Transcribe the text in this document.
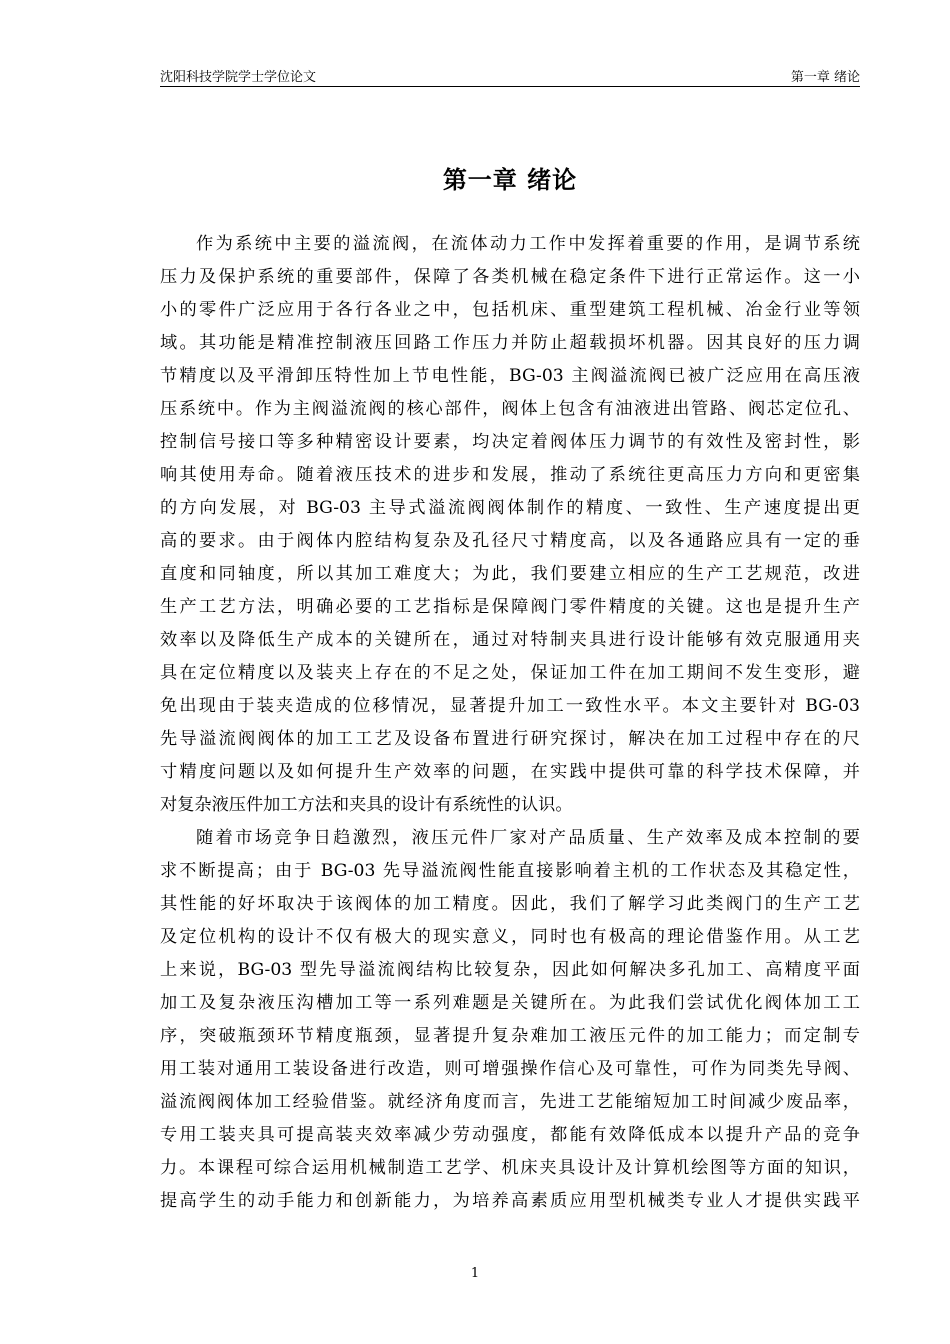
沈阳科技学院学士学位论文	第一章 绪论
第一章 绪论
作为系统中主要的溢流阀，在流体动力工作中发挥着重要的作用，是调节系统
压力及保护系统的重要部件，保障了各类机械在稳定条件下进行正常运作。这一小
小的零件广泛应用于各行各业之中，包括机床、重型建筑工程机械、冶金行业等领
域。其功能是精准控制液压回路工作压力并防止超载损坏机器。因其良好的压力调
节精度以及平滑卸压特性加上节电性能，BG-03 主阀溢流阀已被广泛应用在高压液
压系统中。作为主阀溢流阀的核心部件，阀体上包含有油液进出管路、阀芯定位孔、
控制信号接口等多种精密设计要素，均决定着阀体压力调节的有效性及密封性，影
响其使用寿命。随着液压技术的进步和发展，推动了系统往更高压力方向和更密集
的方向发展，对 BG-03 主导式溢流阀阀体制作的精度、一致性、生产速度提出更
高的要求。由于阀体内腔结构复杂及孔径尺寸精度高，以及各通路应具有一定的垂
直度和同轴度，所以其加工难度大；为此，我们要建立相应的生产工艺规范，改进
生产工艺方法，明确必要的工艺指标是保障阀门零件精度的关键。这也是提升生产
效率以及降低生产成本的关键所在，通过对特制夹具进行设计能够有效克服通用夹
具在定位精度以及装夹上存在的不足之处，保证加工件在加工期间不发生变形，避
免出现由于装夹造成的位移情况，显著提升加工一致性水平。本文主要针对 BG-03
先导溢流阀阀体的加工工艺及设备布置进行研究探讨，解决在加工过程中存在的尺
寸精度问题以及如何提升生产效率的问题，在实践中提供可靠的科学技术保障，并
对复杂液压件加工方法和夹具的设计有系统性的认识。
随着市场竞争日趋激烈，液压元件厂家对产品质量、生产效率及成本控制的要
求不断提高；由于 BG-03 先导溢流阀性能直接影响着主机的工作状态及其稳定性，
其性能的好坏取决于该阀体的加工精度。因此，我们了解学习此类阀门的生产工艺
及定位机构的设计不仅有极大的现实意义，同时也有极高的理论借鉴作用。从工艺
上来说，BG-03 型先导溢流阀结构比较复杂，因此如何解决多孔加工、高精度平面
加工及复杂液压沟槽加工等一系列难题是关键所在。为此我们尝试优化阀体加工工
序，突破瓶颈环节精度瓶颈，显著提升复杂难加工液压元件的加工能力；而定制专
用工装对通用工装设备进行改造，则可增强操作信心及可靠性，可作为同类先导阀、
溢流阀阀体加工经验借鉴。就经济角度而言，先进工艺能缩短加工时间减少废品率，
专用工装夹具可提高装夹效率减少劳动强度，都能有效降低成本以提升产品的竞争
力。本课程可综合运用机械制造工艺学、机床夹具设计及计算机绘图等方面的知识，
提高学生的动手能力和创新能力，为培养高素质应用型机械类专业人才提供实践平
1
